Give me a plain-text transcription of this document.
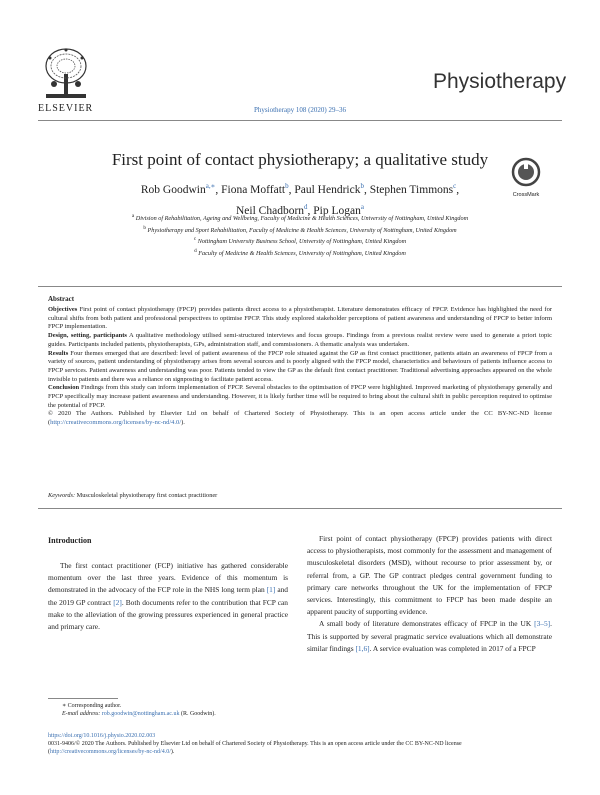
ELSEVIER
Physiotherapy
Physiotherapy 108 (2020) 29–36
First point of contact physiotherapy; a qualitative study
Rob Goodwin$^{a,∗}$, Fiona Moffatt$^b$, Paul Hendrick$^b$, Stephen Timmons$^c$,
Neil Chadborn$^d$, Pip Logan$^a$
CrossMark
$^a$ Division of Rehabilitation, Ageing and Wellbeing, Faculty of Medicine & Health Sciences, University of Nottingham, United Kingdom
$^b$ Physiotherapy and Sport Rehabilitation, Faculty of Medicine & Health Sciences, University of Nottingham, United Kingdom
$^c$ Nottingham University Business School, University of Nottingham, United Kingdom
$^d$ Faculty of Medicine & Health Sciences, University of Nottingham, United Kingdom
Abstract
Objectives First point of contact physiotherapy (FPCP) provides patients direct access to a physiotherapist. Literature demonstrates efficacy of FPCP. Evidence has highlighted the need for cultural shifts from both patient and professional perspectives to optimise FPCP. This study explored stakeholder perceptions of patient awareness and understanding of FPCP to better inform FPCP implementation.
Design, setting, participants A qualitative methodology utilised semi-structured interviews and focus groups. Findings from a previous realist review were used to generate a priori topic guides. Participants included patients, physiotherapists, GPs, administration staff, and commissioners. A thematic analysis was undertaken.
Results Four themes emerged that are described: level of patient awareness of the FPCP role situated against the GP as first contact practitioner, patients attain an awareness of FPCP from a variety of sources, patient understanding of physiotherapy arises from several sources and is poorly aligned with the FPCP model, characteristics and behaviours of patients influence access to FPCP services. Patient awareness and understanding was poor. Patients tended to view the GP as the default first contact practitioner. Traditional advertising approaches appeared on the whole invisible to patients and there was a reliance on signposting to facilitate patient access.
Conclusion Findings from this study can inform implementation of FPCP. Several obstacles to the optimisation of FPCP were highlighted. Improved marketing of physiotherapy generally and FPCP specifically may increase patient awareness and understanding. However, it is likely further time will be required to bring about the cultural shift in public perception required to optimise the potential of FPCP.
© 2020 The Authors. Published by Elsevier Ltd on behalf of Chartered Society of Physiotherapy. This is an open access article under the CC BY-NC-ND license (http://creativecommons.org/licenses/by-nc-nd/4.0/).
Keywords: Musculoskeletal physiotherapy first contact practitioner
Introduction

The first contact practitioner (FCP) initiative has gathered considerable momentum over the last three years. Evidence of this momentum is demonstrated in the advocacy of the FCP role in the NHS long term plan [1] and the 2019 GP contract [2]. Both documents refer to the contribution that FCP can make to the alleviation of the growing pressures experienced in general practice and primary care.

First point of contact physiotherapy (FPCP) provides patients with direct access to physiotherapists, most commonly for the assessment and management of musculoskeletal disorders (MSD), without recourse to prior assessment by, or referral from, a GP. The GP contract pledges central government funding to primary care networks throughout the UK for the implementation of FPCP services. Interestingly, this commitment to FPCP has been made despite an apparent paucity of supporting evidence.

A small body of literature demonstrates efficacy of FPCP in the UK [3–5]. This is supported by several pragmatic service evaluations which all demonstrate similar findings [1,6]. A service evaluation was completed in 2017 of a FPCP

∗ Corresponding author.
E-mail address: rob.goodwin@nottingham.ac.uk (R. Goodwin).
https://doi.org/10.1016/j.physio.2020.02.003
0031-9406/© 2020 The Authors. Published by Elsevier Ltd on behalf of Chartered Society of Physiotherapy. This is an open access article under the CC BY-NC-ND license (http://creativecommons.org/licenses/by-nc-nd/4.0/).
